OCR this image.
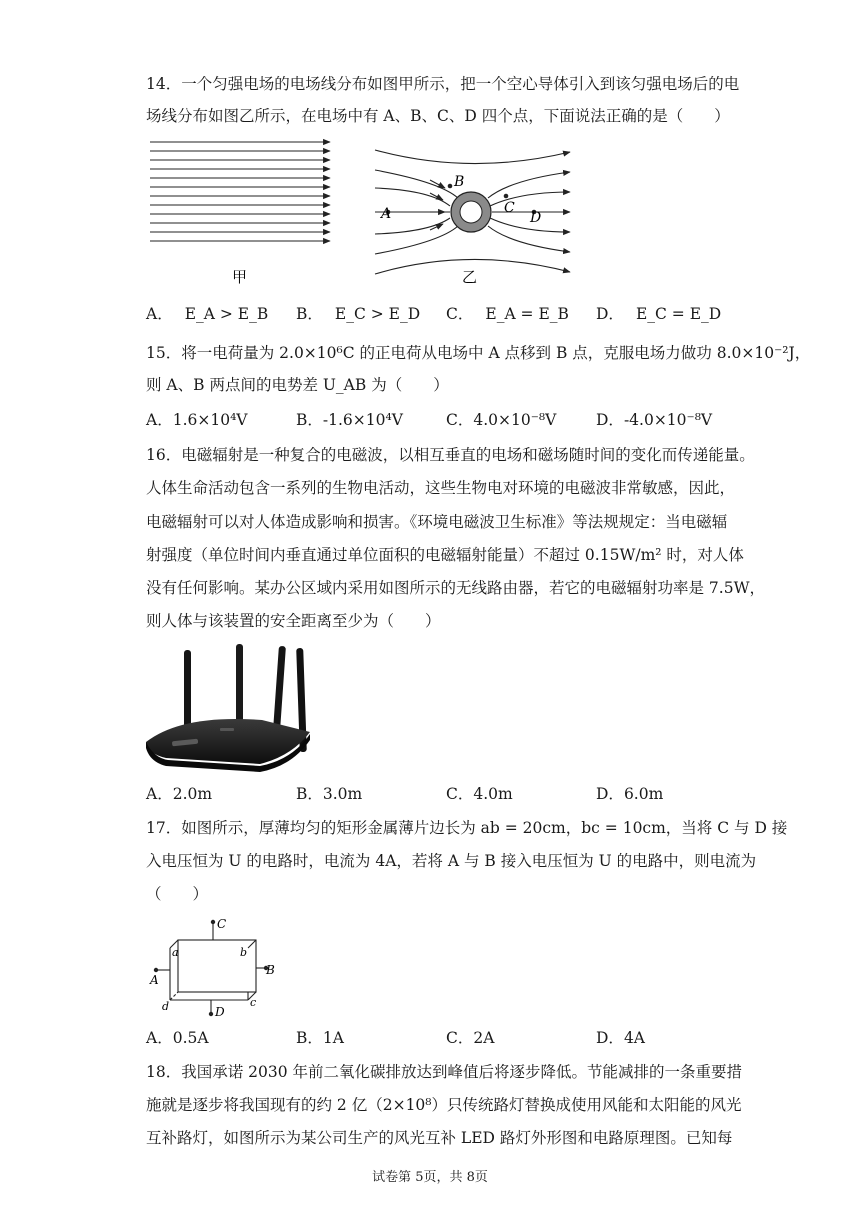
14．一个匀强电场的电场线分布如图甲所示，把一个空心导体引入到该匀强电场后的电
场线分布如图乙所示，在电场中有 A、B、C、D 四个点，下面说法正确的是（　　）
甲
A
B
C
D
乙
A． E_A > E_B B． E_C > E_D C． E_A = E_B D． E_C = E_D
15．将一电荷量为 2.0×10⁶C 的正电荷从电场中 A 点移到 B 点，克服电场力做功 8.0×10⁻²J，
则 A、B 两点间的电势差 U_AB 为（　　）
A．1.6×10⁴V	B．-1.6×10⁴V	C．4.0×10⁻⁸V	D．-4.0×10⁻⁸V
16．电磁辐射是一种复合的电磁波，以相互垂直的电场和磁场随时间的变化而传递能量。
人体生命活动包含一系列的生物电活动，这些生物电对环境的电磁波非常敏感，因此，
电磁辐射可以对人体造成影响和损害。《环境电磁波卫生标准》等法规规定：当电磁辐
射强度（单位时间内垂直通过单位面积的电磁辐射能量）不超过 0.15W/m² 时，对人体
没有任何影响。某办公区域内采用如图所示的无线路由器，若它的电磁辐射功率是 7.5W，
则人体与该装置的安全距离至少为（　　）
A．2.0m	B．3.0m	C．4.0m	D．6.0m
17．如图所示，厚薄均匀的矩形金属薄片边长为 ab = 20cm，bc = 10cm，当将 C 与 D 接
入电压恒为 U 的电路时，电流为 4A，若将 A 与 B 接入电压恒为 U 的电路中，则电流为
（　　）
C
D
A
B
a	b
c
d
A．0.5A	B．1A	C．2A	D．4A
18．我国承诺 2030 年前二氧化碳排放达到峰值后将逐步降低。节能减排的一条重要措
施就是逐步将我国现有的约 2 亿（2×10⁸）只传统路灯替换成使用风能和太阳能的风光
互补路灯，如图所示为某公司生产的风光互补 LED 路灯外形图和电路原理图。已知每
试卷第 5页，共 8页
